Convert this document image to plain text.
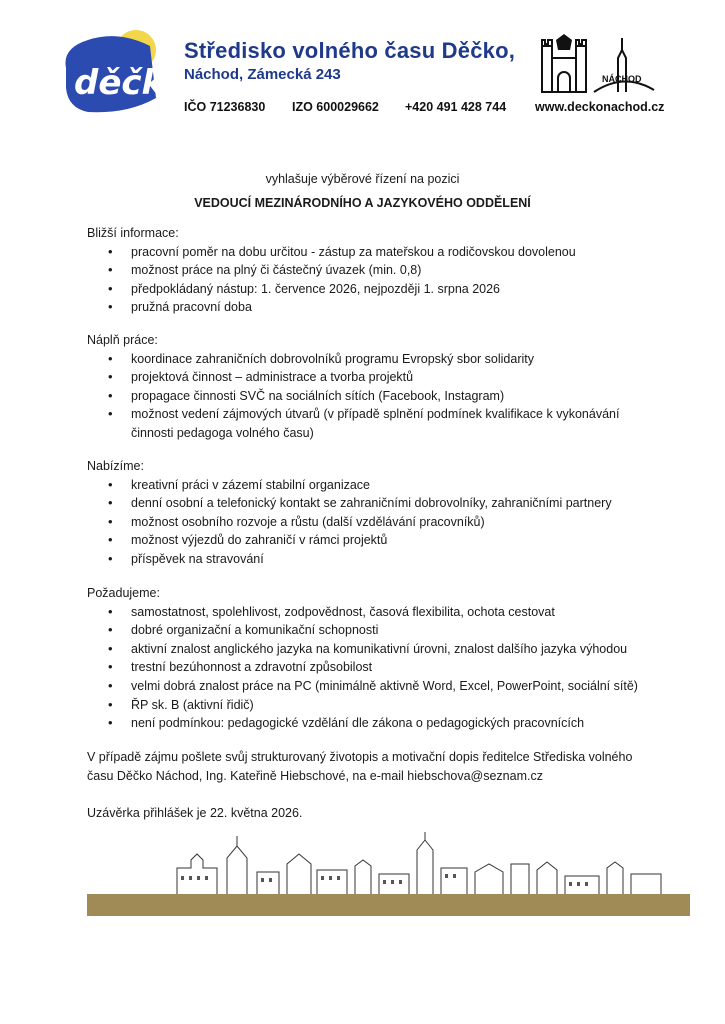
děčko
Středisko volného času Děčko,
Náchod, Zámecká 243	NÁCHOD
IČO 71236830 IZO 600029662 +420 491 428 744 www.deckonachod.cz
vyhlašuje výběrové řízení na pozici
VEDOUCÍ MEZINÁRODNÍHO A JAZYKOVÉHO ODDĚLENÍ
Bližší informace:
• pracovní poměr na dobu určitou - zástup za mateřskou a rodičovskou dovolenou
• možnost práce na plný či částečný úvazek (min. 0,8)
• předpokládaný nástup: 1. července 2026, nejpozději 1. srpna 2026
• pružná pracovní doba
Náplň práce:
• koordinace zahraničních dobrovolníků programu Evropský sbor solidarity
• projektová činnost – administrace a tvorba projektů
• propagace činnosti SVČ na sociálních sítích (Facebook, Instagram)
• možnost vedení zájmových útvarů (v případě splnění podmínek kvalifikace k vykonávání činnosti pedagoga volného času)
Nabízíme:
• kreativní práci v zázemí stabilní organizace
• denní osobní a telefonický kontakt se zahraničními dobrovolníky, zahraničními partnery
• možnost osobního rozvoje a růstu (další vzdělávání pracovníků)
• možnost výjezdů do zahraničí v rámci projektů
• příspěvek na stravování
Požadujeme:
• samostatnost, spolehlivost, zodpovědnost, časová flexibilita, ochota cestovat
• dobré organizační a komunikační schopnosti
• aktivní znalost anglického jazyka na komunikativní úrovni, znalost dalšího jazyka výhodou
• trestní bezúhonnost a zdravotní způsobilost
• velmi dobrá znalost práce na PC (minimálně aktivně Word, Excel, PowerPoint, sociální sítě)
• ŘP sk. B (aktivní řidič)
• není podmínkou: pedagogické vzdělání dle zákona o pedagogických pracovnících
V případě zájmu pošlete svůj strukturovaný životopis a motivační dopis ředitelce Střediska volného času Děčko Náchod, Ing. Kateřině Hiebschové, na e-mail hiebschova@seznam.cz
Uzávěrka přihlášek je 22. května 2026.
